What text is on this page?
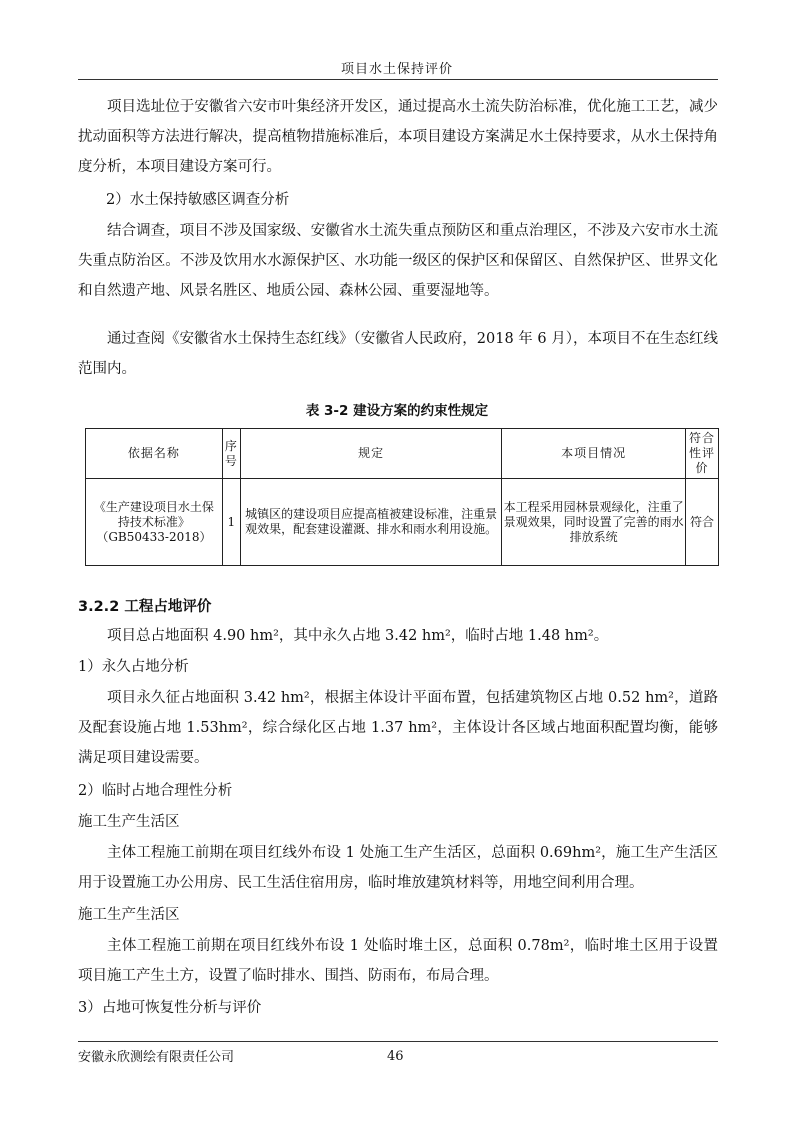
项目水土保持评价

项目选址位于安徽省六安市叶集经济开发区，通过提高水土流失防治标准，优化施工工艺，减少扰动面积等方法进行解决，提高植物措施标准后，本项目建设方案满足水土保持要求，从水土保持角度分析，本项目建设方案可行。

2）水土保持敏感区调查分析

结合调查，项目不涉及国家级、安徽省水土流失重点预防区和重点治理区，不涉及六安市水土流失重点防治区。不涉及饮用水水源保护区、水功能一级区的保护区和保留区、自然保护区、世界文化和自然遗产地、风景名胜区、地质公园、森林公园、重要湿地等。

通过查阅《安徽省水土保持生态红线》（安徽省人民政府，2018 年 6 月），本项目不在生态红线范围内。

表 3-2 建设方案的约束性规定
依据名称	序号	规定	本项目情况	符合性评价
《生产建设项目水土保 持技术标准》（GB50433-2018）	1	城镇区的建设项目应提高植被建设标准，注重景观效果，配套建设灌溉、排水和雨水利用设施。	本工程采用园林景观绿化，注重了景观效果，同时设置了完善的雨水排放系统	符合
3.2.2 工程占地评价

项目总占地面积 4.90 hm²，其中永久占地 3.42 hm²，临时占地 1.48 hm²。

1）永久占地分析

项目永久征占地面积 3.42 hm²，根据主体设计平面布置，包括建筑物区占地 0.52 hm²，道路及配套设施占地 1.53hm²，综合绿化区占地 1.37 hm²，主体设计各区域占地面积配置均衡，能够满足项目建设需要。

2）临时占地合理性分析
施工生产生活区

主体工程施工前期在项目红线外布设 1 处施工生产生活区，总面积 0.69hm²，施工生产生活区用于设置施工办公用房、民工生活住宿用房，临时堆放建筑材料等，用地空间利用合理。

施工生产生活区

主体工程施工前期在项目红线外布设 1 处临时堆土区，总面积 0.78m²，临时堆土区用于设置项目施工产生土方，设置了临时排水、围挡、防雨布，布局合理。

3）占地可恢复性分析与评价
安徽永欣测绘有限责任公司	46
